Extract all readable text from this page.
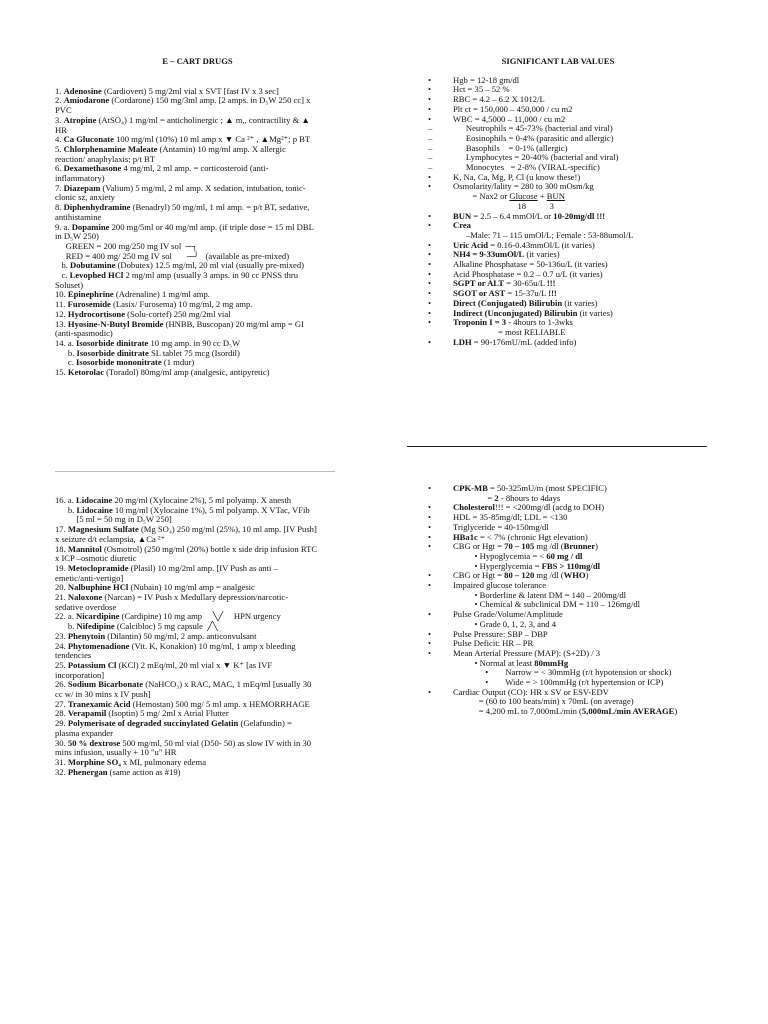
E – CART DRUGS
1. Adenosine (Cardiovert) 5 mg/2ml vial x SVT [fast IV x 3 sec]
2. Amiodarone (Cordarone) 150 mg/3ml amp. [2 amps. in D₅W 250 cc] x
PVC
3. Atropine (AtSO₄) 1 mg/ml = anticholinergic ; ▲ m,, contractility & ▲
HR
4. Ca Gluconate 100 mg/ml (10%) 10 ml amp x ▼ Ca ²⁺ , ▲Mg²⁺; p BT
5. Chlorphenamine Maleate (Antamin) 10 mg/ml amp. X allergic
reaction/ anaphylaxis; p/t BT
6. Dexamethasone 4 mg/ml, 2 ml amp. = corticosteroid (anti-
inflammatory)
7. Diazepam (Valium) 5 mg/ml, 2 ml amp. X sedation, intubation, tonic-
clonic sz, anxiety
8. Diphenhydramine (Benadryl) 50 mg/ml, 1 ml amp. = p/t BT, sedative,
antihistamine
9. a. Dopamine 200 mg/5ml or 40 mg/ml amp. (if triple dose = 15 ml DBL
in D₅W 250)
GREEN = 200 mg/250 mg IV sol  ─┐
RED = 400 mg/ 250 mg IV sol       ─┘   (available as pre-mixed)
b. Dobutamine (Dobutex) 12.5 mg/ml, 20 ml vial (usually pre-mixed)
c. Levophed HCl 2 mg/ml amp (usually 3 amps. in 90 cc PNSS thru
Soluset)
10. Epinephrine (Adrenaline) 1 mg/ml amp.
11. Furosemide (Lasix/ Furosema) 10 mg/ml, 2 mg amp.
12. Hydrocortisone (Solu-cortef) 250 mg/2ml vial
13. Hyosine-N-Butyl Bromide (HNBB, Buscopan) 20 mg/ml amp = GI
(anti-spasmodic)
14. a. Isosorbide dinitrate 10 mg amp. in 90 cc D₅W
b. Isosorbide dinitrate SL tablet 75 mcg (Isordil)
c. Isosorbide mononitrate (1 mdur)
15. Ketorolac (Toradol) 80mg/ml amp (analgesic, antipyretic)
16. a. Lidocaine 20 mg/ml (Xylocaine 2%), 5 ml polyamp. X anesth
b. Lidocaine 10 mg/ml (Xylocaine 1%), 5 ml polyamp. X VTac, VFib
[5 ml = 50 mg in D₅W 250]
17. Magnesium Sulfate (Mg SO₄) 250 mg/ml (25%), 10 ml amp. [IV Push]
x seizure d/t eclampsia, ▲Ca ²⁺
18. Mannitol (Osmotrol) (250 mg/ml (20%) bottle x side drip infusion RTC
x ICP –osmotic diuretic
19. Metoclopramide (Plasil) 10 mg/2ml amp. [IV Push as anti –
emetic/anti-vertigo]
20. Nalbuphine HCl (Nubain) 10 mg/ml amp = analgesic
21. Naloxone (Narcan) = IV Push x Medullary depression/narcotic-
sedative overdose
22. a. Nicardipine (Cardipine) 10 mg amp     ╲╱     HPN urgency
b. Nifedipine (Calcibloc) 5 mg capsule  ╱╲
23. Phenytoin (Dilantin) 50 mg/ml, 2 amp. anticonvulsant
24. Phytomenadione (Vit. K, Konakion) 10 mg/ml, 1 amp x bleeding
tendencies
25. Potassium Cl (KCl) 2 mEq/ml, 20 ml vial x ▼ K⁺ [as IVF
incorporation]
26. Sodium Bicarbonate (NaHCO₃) x RAC, MAC, 1 mEq/ml [usually 30
cc w/ in 30 mins x IV push]
27. Tranexamic Acid (Hemostan) 500 mg/ 5 ml amp. x HEMORRHAGE
28. Verapamil (Isoptin) 5 mg/ 2ml x Atrial Flutter
29. Polymerisate of degraded succinylated Gelatin (Gelafundin) =
plasma expander
30. 50 % dextrose 500 mg/ml, 50 ml vial (D50- 50) as slow IV with in 30
mins infusion, usually + 10 "u" HR
31. Morphine SO₄ x MI, pulmonary edema
32. Phenergan (same action as #19)
SIGNIFICANT LAB VALUES
•	Hgb = 12-18 gm/dl
•	Hct = 35 – 52 %
•	RBC = 4.2 – 6.2 X 1012/L
•	Plt ct = 150,000 – 450,000 / cu m2
•	WBC = 4,5000 – 11,000 / cu m2
– Neutrophils = 45-73% (bacterial and viral)
– Eosinophils = 0-4% (parasitic and allergic)
– Basophils    = 0-1% (allergic)
– Lymphocytes = 20-40% (bacterial and viral)
– Monocytes   = 2-8% (VIRAL-specific)
•	K, Na, Ca, Mg, P, Cl (u know these!)
•	Osmolarity/lality = 280 to 300 mOsm/kg
= Nax2 or Glucose + BUN
18           3
•	BUN = 2.5 – 6.4 mmOl/L or 10-20mg/dl !!!
•	Crea
–Male: 71 – 115 umOl/L; Female : 53-88umol/L
•	Uric Acid = 0.16-0.43mmOl/L (it varies)
•	NH4 = 9-33umOl/L (it varies)
•	Alkaline Phosphatase = 50-136u/L (it varies)
•	Acid Phosphatase = 0.2 – 0.7 u/L (it varies)
•	SGPT or ALT = 30-65u/L !!!
•	SGOT or AST = 15-37u/L !!!
•	Direct (Conjugated) Bilirubin (it varies)
•	Indirect (Unconjugated) Bilirubin (it varies)
•	Troponin I = 3 - 4hours to 1-3wks
= most RELIABLE
•	LDH = 90-176mU/mL (added info)
•	CPK-MB = 50-325mU/m (most SPECIFIC)
= 2 - 8hours to 4days
•	Cholesterol!!! = <200mg/dl (acdg to DOH)
•	HDL = 35-85mg/dl; LDL = <130
•	Triglyceride = 40-150mg/dl
•	HBa1c = < 7% (chronic Hgt elevation)
•	CBG or Hgt = 70 – 105 mg /dl (Brunner)
• Hypoglycemia = < 60 mg / dl
• Hyperglycemia = FBS > 110mg/dl
•	CBG or Hgt = 80 – 120 mg /dl (WHO)
•	Impaired glucose tolerance
• Borderline & latent DM = 140 – 200mg/dl
• Chemical & subclinical DM = 110 – 126mg/dl
•	Pulse Grade/Volume/Amplitude
• Grade 0, 1, 2, 3, and 4
•	Pulse Pressure: SBP – DBP
•	Pulse Deficit: HR – PR
•	Mean Arterial Pressure (MAP): (S+2D) / 3
• Normal at least 80mmHg
•        Narrow = < 30mmHg (r/t hypotension or shock)
•        Wide = > 100mmHg (r/t hypertension or ICP)
•	Cardiac Output (CO): HR x SV or ESV-EDV
= (60 to 100 beats/min) x 70mL (on average)
= 4,200 mL to 7,000mL/min (5,000mL/min AVERAGE)
